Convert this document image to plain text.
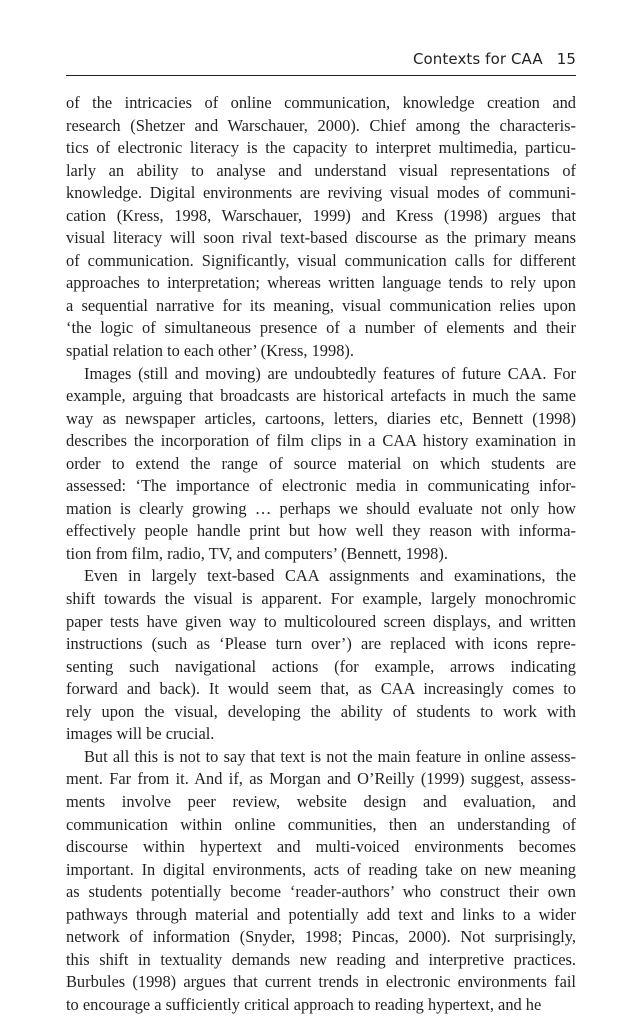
Contexts for CAA 15

of the intricacies of online communication, knowledge creation and
research (Shetzer and Warschauer, 2000). Chief among the characteris-
tics of electronic literacy is the capacity to interpret multimedia, particu-
larly an ability to analyse and understand visual representations of
knowledge. Digital environments are reviving visual modes of communi-
cation (Kress, 1998, Warschauer, 1999) and Kress (1998) argues that
visual literacy will soon rival text-based discourse as the primary means
of communication. Significantly, visual communication calls for different
approaches to interpretation; whereas written language tends to rely upon
a sequential narrative for its meaning, visual communication relies upon
‘the logic of simultaneous presence of a number of elements and their
spatial relation to each other’ (Kress, 1998).

Images (still and moving) are undoubtedly features of future CAA. For
example, arguing that broadcasts are historical artefacts in much the same
way as newspaper articles, cartoons, letters, diaries etc, Bennett (1998)
describes the incorporation of film clips in a CAA history examination in
order to extend the range of source material on which students are
assessed: ‘The importance of electronic media in communicating infor-
mation is clearly growing … perhaps we should evaluate not only how
effectively people handle print but how well they reason with informa-
tion from film, radio, TV, and computers’ (Bennett, 1998).

Even in largely text-based CAA assignments and examinations, the
shift towards the visual is apparent. For example, largely monochromic
paper tests have given way to multicoloured screen displays, and written
instructions (such as ‘Please turn over’) are replaced with icons repre-
senting such navigational actions (for example, arrows indicating
forward and back). It would seem that, as CAA increasingly comes to
rely upon the visual, developing the ability of students to work with
images will be crucial.

But all this is not to say that text is not the main feature in online assess-
ment. Far from it. And if, as Morgan and O’Reilly (1999) suggest, assess-
ments involve peer review, website design and evaluation, and
communication within online communities, then an understanding of
discourse within hypertext and multi-voiced environments becomes
important. In digital environments, acts of reading take on new meaning
as students potentially become ‘reader-authors’ who construct their own
pathways through material and potentially add text and links to a wider
network of information (Snyder, 1998; Pincas, 2000). Not surprisingly,
this shift in textuality demands new reading and interpretive practices.
Burbules (1998) argues that current trends in electronic environments fail
to encourage a sufficiently critical approach to reading hypertext, and he
